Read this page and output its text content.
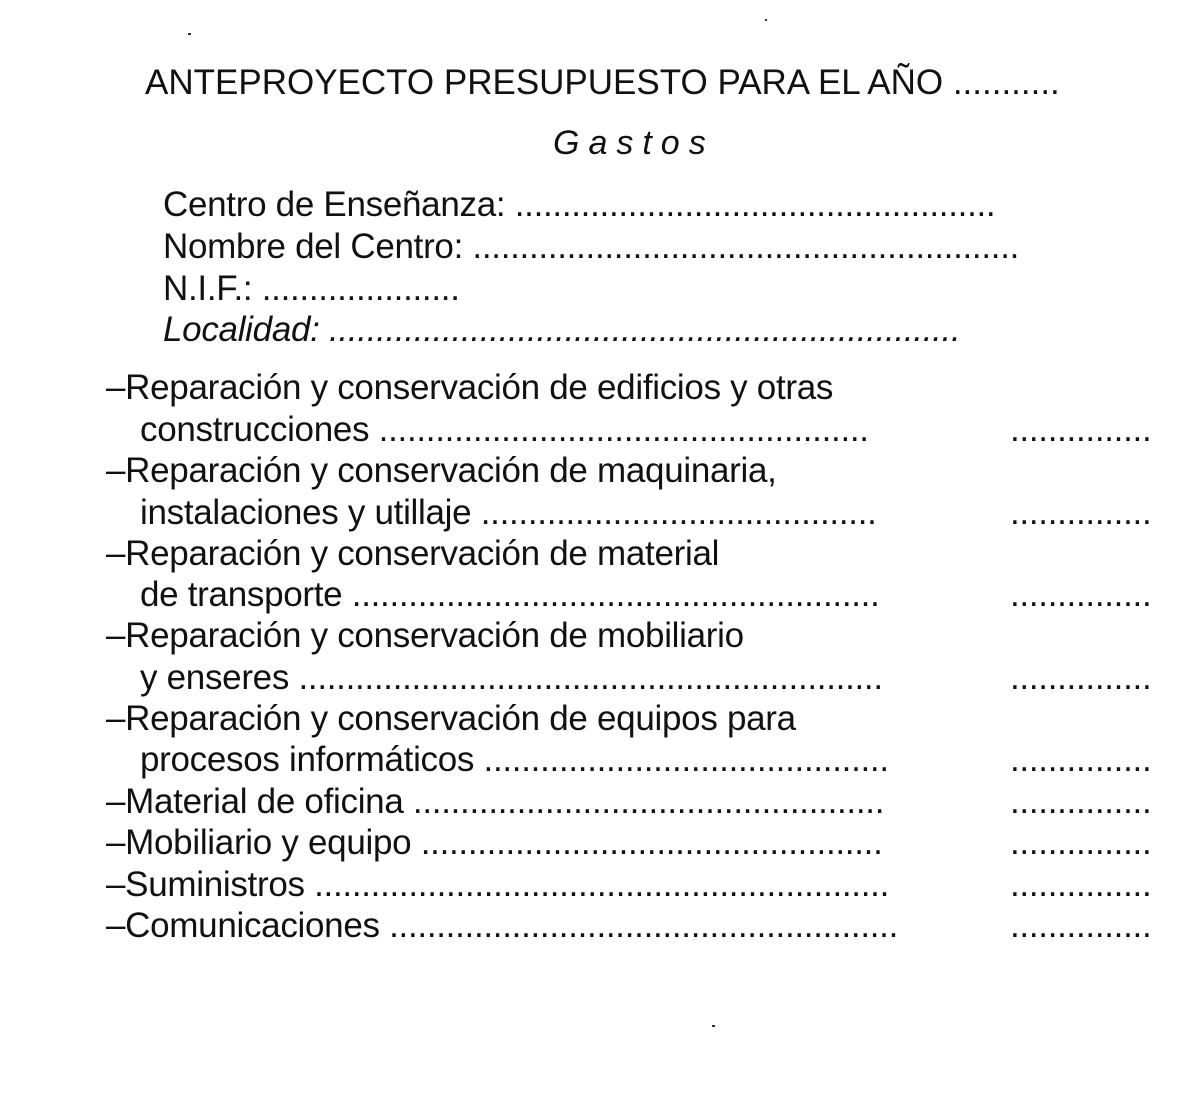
ANTEPROYECTO PRESUPUESTO PARA EL AÑO ...........
Gastos
Centro de Enseñanza: ...................................................
Nombre del Centro: ..........................................................
N.I.F.: .....................
Localidad: ...................................................................
–Reparación y conservación de edificios y otras
construcciones ....................................................	...............
–Reparación y conservación de maquinaria,
instalaciones y utillaje ..........................................	...............
–Reparación y conservación de material
de transporte ........................................................	...............
–Reparación y conservación de mobiliario
y enseres ..............................................................	...............
–Reparación y conservación de equipos para
procesos informáticos ...........................................	...............
–Material de oficina ..................................................	...............
–Mobiliario y equipo .................................................	...............
–Suministros .............................................................	...............
–Comunicaciones ......................................................	...............
